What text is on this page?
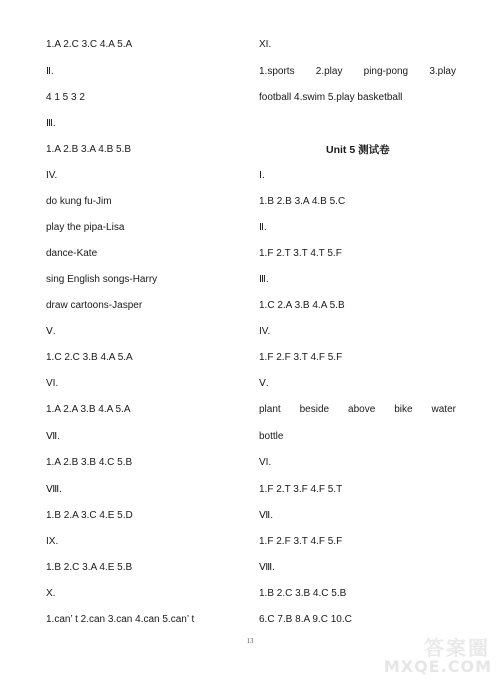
1.A 2.C 3.C 4.A 5.A
Ⅱ.
4 1 5 3 2
Ⅲ.
1.A 2.B 3.A 4.B 5.B
IV.
do kung fu-Jim
play the pipa-Lisa
dance-Kate
sing English songs-Harry
draw cartoons-Jasper
Ⅴ.
1.C 2.C 3.B 4.A 5.A
VI.
1.A 2.A 3.B 4.A 5.A
Ⅶ.
1.A 2.B 3.B 4.C 5.B
Ⅷ.
1.B 2.A 3.C 4.E 5.D
IX.
1.B 2.C 3.A 4.E 5.B
X.
1.can’ t 2.can 3.can 4.can 5.can’ t
XI.
1.sports 2.play ping-pong 3.play
football 4.swim 5.play basketball
Unit 5 测试卷
Ⅰ.
1.B 2.B 3.A 4.B 5.C
Ⅱ.
1.F 2.T 3.T 4.T 5.F
Ⅲ.
1.C 2.A 3.B 4.A 5.B
IV.
1.F 2.F 3.T 4.F 5.F
Ⅴ.
plant beside above bike water
bottle
VI.
1.F 2.T 3.F 4.F 5.T
Ⅶ.
1.F 2.F 3.T 4.F 5.F
Ⅷ.
1.B 2.C 3.B 4.C 5.B
6.C 7.B 8.A 9.C 10.C
13	答案圈
MXQE.COM
